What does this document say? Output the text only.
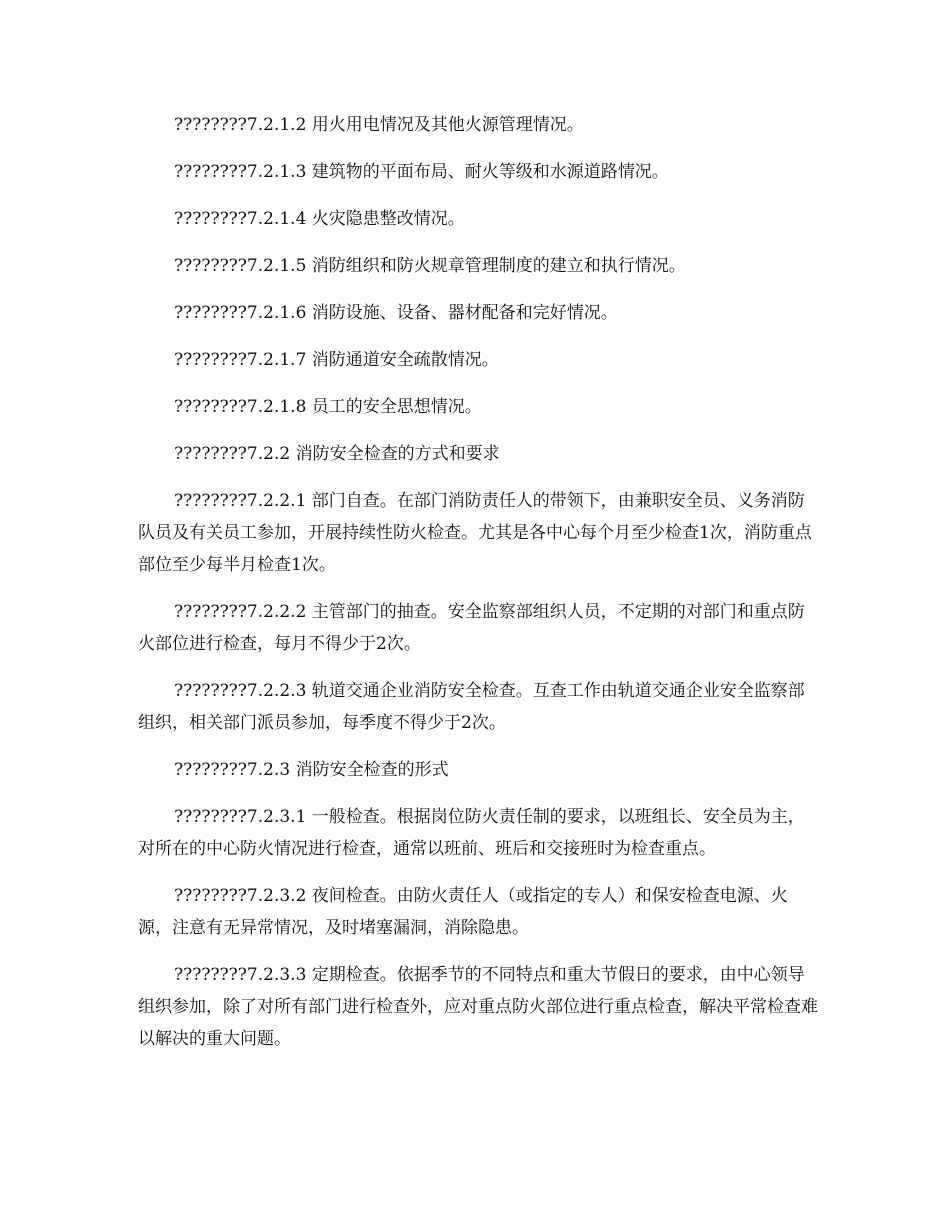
????????7.2.1.2 用火用电情况及其他火源管理情况。

????????7.2.1.3 建筑物的平面布局、耐火等级和水源道路情况。

????????7.2.1.4 火灾隐患整改情况。

????????7.2.1.5 消防组织和防火规章管理制度的建立和执行情况。

????????7.2.1.6 消防设施、设备、器材配备和完好情况。

????????7.2.1.7 消防通道安全疏散情况。

????????7.2.1.8 员工的安全思想情况。

????????7.2.2 消防安全检查的方式和要求

????????7.2.2.1 部门自查。在部门消防责任人的带领下，由兼职安全员、义务消防队员及有关员工参加，开展持续性防火检查。尤其是各中心每个月至少检查1次，消防重点部位至少每半月检查1次。

????????7.2.2.2 主管部门的抽查。安全监察部组织人员，不定期的对部门和重点防火部位进行检查，每月不得少于2次。

????????7.2.2.3 轨道交通企业消防安全检查。互查工作由轨道交通企业安全监察部组织，相关部门派员参加，每季度不得少于2次。

????????7.2.3 消防安全检查的形式

????????7.2.3.1 一般检查。根据岗位防火责任制的要求，以班组长、安全员为主，对所在的中心防火情况进行检查，通常以班前、班后和交接班时为检查重点。

????????7.2.3.2 夜间检查。由防火责任人（或指定的专人）和保安检查电源、火源，注意有无异常情况，及时堵塞漏洞，消除隐患。

????????7.2.3.3 定期检查。依据季节的不同特点和重大节假日的要求，由中心领导组织参加，除了对所有部门进行检查外，应对重点防火部位进行重点检查，解决平常检查难以解决的重大问题。
